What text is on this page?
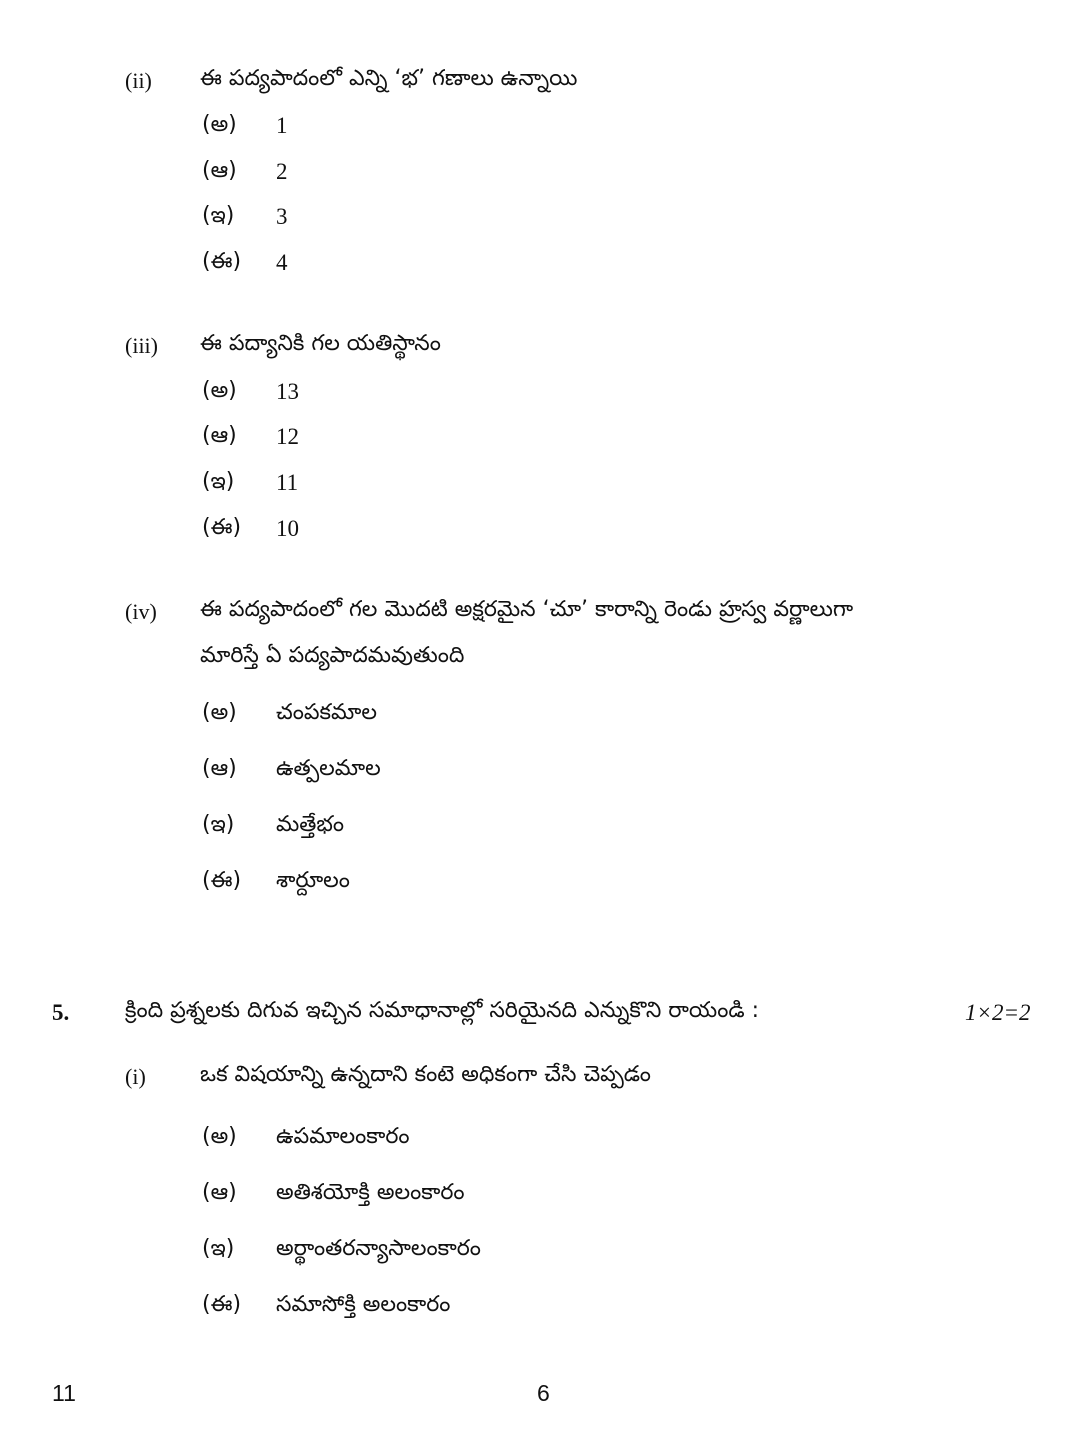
(ii) ఈ పద్యపాదంలో ఎన్ని ‘భ’ గణాలు ఉన్నాయి
(అ) 1
(ఆ) 2
(ఇ) 3
(ఈ) 4
(iii) ఈ పద్యానికి గల యతిస్థానం
(అ) 13
(ఆ) 12
(ఇ) 11
(ఈ) 10
(iv) ఈ పద్యపాదంలో గల మొదటి అక్షరమైన ‘చూ’ కారాన్ని రెండు హ్రస్వ వర్ణాలుగా
మారిస్తే ఏ పద్యపాదమవుతుంది
(అ) చంపకమాల
(ఆ) ఉత్పలమాల
(ఇ) మత్తేభం
(ఈ) శార్దూలం
5.	క్రింది ప్రశ్నలకు దిగువ ఇచ్చిన సమాధానాల్లో సరియైనది ఎన్నుకొని రాయండి :	1×2=2
(i) ఒక విషయాన్ని ఉన్నదాని కంటె అధికంగా చేసి చెప్పడం
(అ) ఉపమాలంకారం
(ఆ) అతిశయోక్తి అలంకారం
(ఇ) అర్థాంతరన్యాసాలంకారం
(ఈ) సమాసోక్తి అలంకారం
11	6
